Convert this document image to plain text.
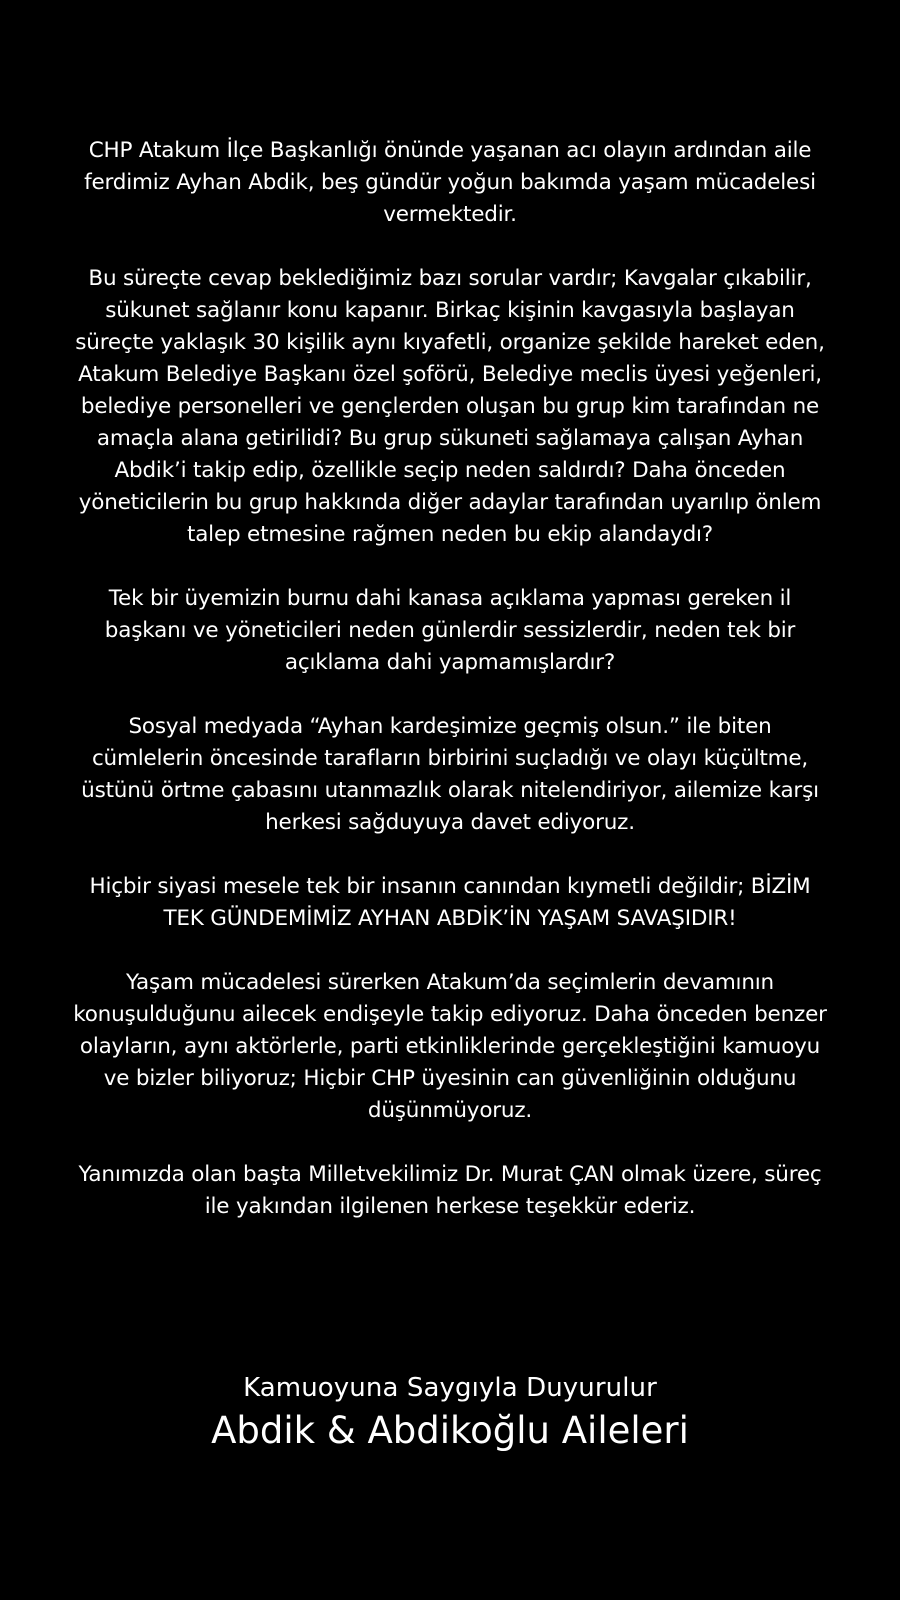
CHP Atakum İlçe Başkanlığı önünde yaşanan acı olayın ardından aile ferdimiz Ayhan Abdik, beş gündür yoğun bakımda yaşam mücadelesi vermektedir.

Bu süreçte cevap beklediğimiz bazı sorular vardır; Kavgalar çıkabilir, sükunet sağlanır konu kapanır. Birkaç kişinin kavgasıyla başlayan süreçte yaklaşık 30 kişilik aynı kıyafetli, organize şekilde hareket eden, Atakum Belediye Başkanı özel şoförü, Belediye meclis üyesi yeğenleri, belediye personelleri ve gençlerden oluşan bu grup kim tarafından ne amaçla alana getirilidi? Bu grup sükuneti sağlamaya çalışan Ayhan Abdik’i takip edip, özellikle seçip neden saldırdı? Daha önceden yöneticilerin bu grup hakkında diğer adaylar tarafından uyarılıp önlem talep etmesine rağmen neden bu ekip alandaydı?

Tek bir üyemizin burnu dahi kanasa açıklama yapması gereken il başkanı ve yöneticileri neden günlerdir sessizlerdir, neden tek bir açıklama dahi yapmamışlardır?

Sosyal medyada “Ayhan kardeşimize geçmiş olsun.” ile biten cümlelerin öncesinde tarafların birbirini suçladığı ve olayı küçültme, üstünü örtme çabasını utanmazlık olarak nitelendiriyor, ailemize karşı herkesi sağduyuya davet ediyoruz.

Hiçbir siyasi mesele tek bir insanın canından kıymetli değildir; BİZİM TEK GÜNDEMİMİZ AYHAN ABDİK’İN YAŞAM SAVAŞIDIR!

Yaşam mücadelesi sürerken Atakum’da seçimlerin devamının konuşulduğunu ailecek endişeyle takip ediyoruz. Daha önceden benzer olayların, aynı aktörlerle, parti etkinliklerinde gerçekleştiğini kamuoyu ve bizler biliyoruz; Hiçbir CHP üyesinin can güvenliğinin olduğunu düşünmüyoruz.

Yanımızda olan başta Milletvekilimiz Dr. Murat ÇAN olmak üzere, süreç ile yakından ilgilenen herkese teşekkür ederiz.

Kamuoyuna Saygıyla Duyurulur
Abdik & Abdikoğlu Aileleri
